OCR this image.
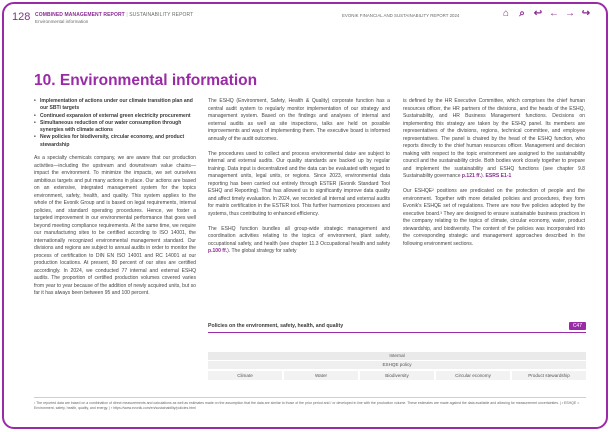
128 COMBINED MANAGEMENT REPORT | SUSTAINABILITY REPORT
Environmental information
EVONIK FINANCIAL AND SUSTAINABILITY REPORT 2024	⌂	⌕ ↩ ← → ↪
10. Environmental information
• Implementation of actions under our climate transition plan and our SBTi targets
• Continued expansion of external green electricity procurement
• Simultaneous reduction of our water consumption through synergies with climate actions
• New policies for biodiversity, circular economy, and product stewardship

As a specialty chemicals company, we are aware that our production activities—including the upstream and downstream value chains—impact the environment. To minimize the impacts, we set ourselves ambitious targets and put many actions in place. Our actions are based on an extensive, integrated management system for the topics environment, safety, health, and quality. This system applies to the whole of the Evonik Group and is based on legal requirements, internal policies, and standard operating procedures. Hence, we foster a targeted improvement in our environmental performance that goes well beyond meeting compliance requirements. At the same time, we require our manufacturing sites to be certified according to ISO 14001, the internationally recognized environmental management standard. Our divisions and regions are subject to annual audits in order to monitor the process of certification to DIN EN ISO 14001 and RC 14001 at our production locations. At present, 80 percent of our sites are certified accordingly. In 2024, we conducted 77 internal and external ESHQ audits. The proportion of certified production volumes covered varies from year to year because of the addition of newly acquired units, but so far it has always been between 95 and 100 percent.

The ESHQ (Environment, Safety, Health & Quality) corporate function has a central audit system to regularly monitor implementation of our strategy and management system. Based on the findings and analyses of internal and external audits as well as site inspections, talks are held on possible improvements and ways of implementing them. The executive board is informed annually of the audit outcomes.

The procedures used to collect and process environmental data¹ are subject to internal and external audits. Our quality standards are backed up by regular training. Data input is decentralized and the data can be evaluated with regard to management units, legal units, or regions. Since 2023, environmental data reporting has been carried out entirely through ESTER (Evonik Standard Tool ESHQ and Reporting). That has allowed us to significantly improve data quality and affect timely evaluation. In 2024, we recorded all internal and external audits for matrix certification in the ESTER tool. This further harmonizes processes and systems, thus contributing to enhanced efficiency.

The ESHQ function bundles all group-wide strategic management and coordination activities relating to the topics of environment, plant safety, occupational safety, and health (see chapter 11.3 Occupational health and safety p.100 ff.). The global strategy for safety

is defined by the HR Executive Committee, which comprises the chief human resources officer, the HR partners of the divisions, and the heads of the ESHQ, Sustainability, and HR Business Management functions. Decisions on implementing this strategy are taken by the ESHQ panel. Its members are representatives of the divisions, regions, technical committee, and employee representatives. The panel is chaired by the head of the ESHQ function, who reports directly to the chief human resources officer. Management and decision making with respect to the topic environment are assigned to the sustainability council and the sustainability circle. Both bodies work closely together to prepare and implement the sustainability and ESHQ functions (see chapter 9.8 Sustainability governance p.121 ff.). ESRS E1-1

Our ESHQE² positions are predicated on the protection of people and the environment. Together with more detailed policies and procedures, they form Evonik's ESHQE set of regulations. There are now five policies adopted by the executive board.³ They are designed to ensure sustainable business practices in the company relating to the topics of climate, circular economy, water, product stewardship, and biodiversity. The content of the policies was incorporated into the corresponding strategic and management approaches described in the following environment sections.

Policies on the environment, safety, health, and quality	C47
Internal
ESHQE policy
Climate	Water	Biodiversity	Circular economy	Product stewardship
¹ The reported data are based on a combination of direct measurements and calculations as well as estimates made on the assumption that the data are similar to those of the prior period and / or developed in line with the production volume. These estimates are made against the data available and allowing for measurement uncertainties. | ² ESHQE = Environment, safety, health, quality, and energy. | ³ https://www.evonik.com/en/sustainability/policies.html
